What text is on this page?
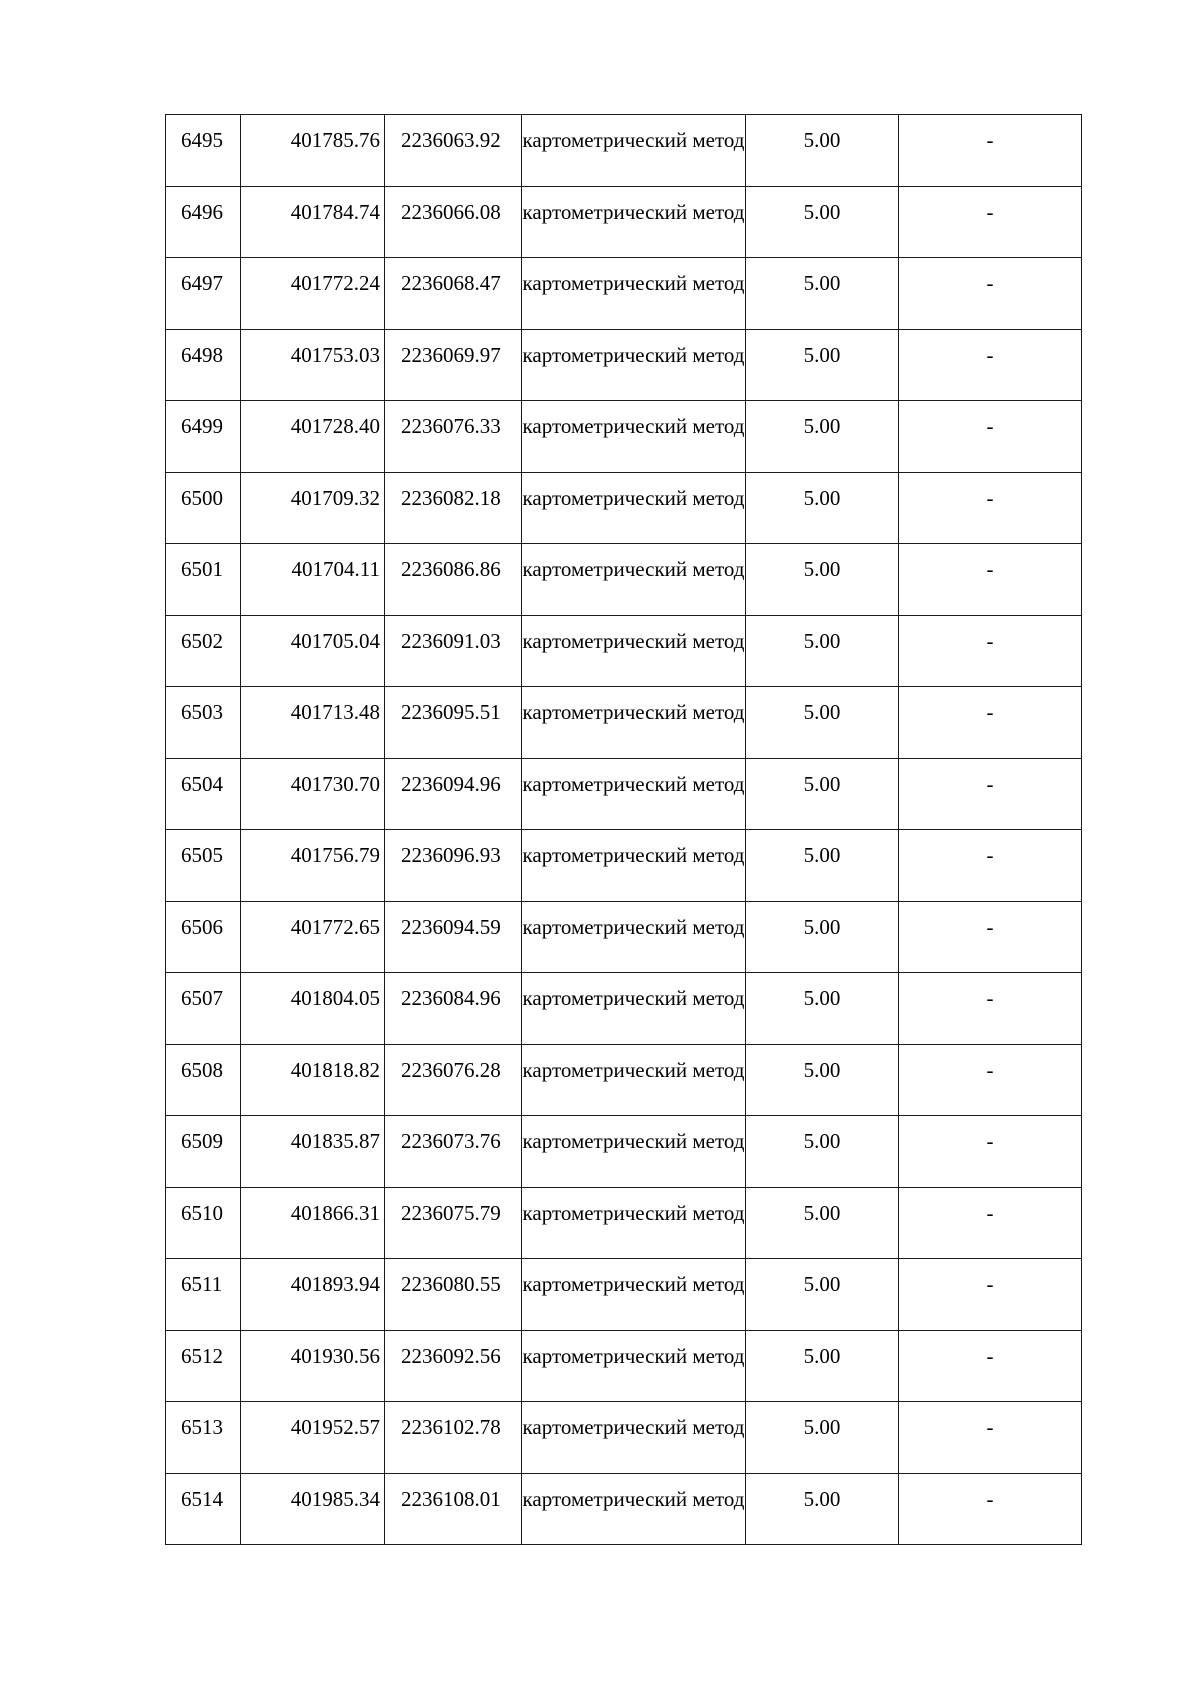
6495	401785.76	2236063.92	картометрический метод	5.00	-
6496	401784.74	2236066.08	картометрический метод	5.00	-
6497	401772.24	2236068.47	картометрический метод	5.00	-
6498	401753.03	2236069.97	картометрический метод	5.00	-
6499	401728.40	2236076.33	картометрический метод	5.00	-
6500	401709.32	2236082.18	картометрический метод	5.00	-
6501	401704.11	2236086.86	картометрический метод	5.00	-
6502	401705.04	2236091.03	картометрический метод	5.00	-
6503	401713.48	2236095.51	картометрический метод	5.00	-
6504	401730.70	2236094.96	картометрический метод	5.00	-
6505	401756.79	2236096.93	картометрический метод	5.00	-
6506	401772.65	2236094.59	картометрический метод	5.00	-
6507	401804.05	2236084.96	картометрический метод	5.00	-
6508	401818.82	2236076.28	картометрический метод	5.00	-
6509	401835.87	2236073.76	картометрический метод	5.00	-
6510	401866.31	2236075.79	картометрический метод	5.00	-
6511	401893.94	2236080.55	картометрический метод	5.00	-
6512	401930.56	2236092.56	картометрический метод	5.00	-
6513	401952.57	2236102.78	картометрический метод	5.00	-
6514	401985.34	2236108.01	картометрический метод	5.00	-
